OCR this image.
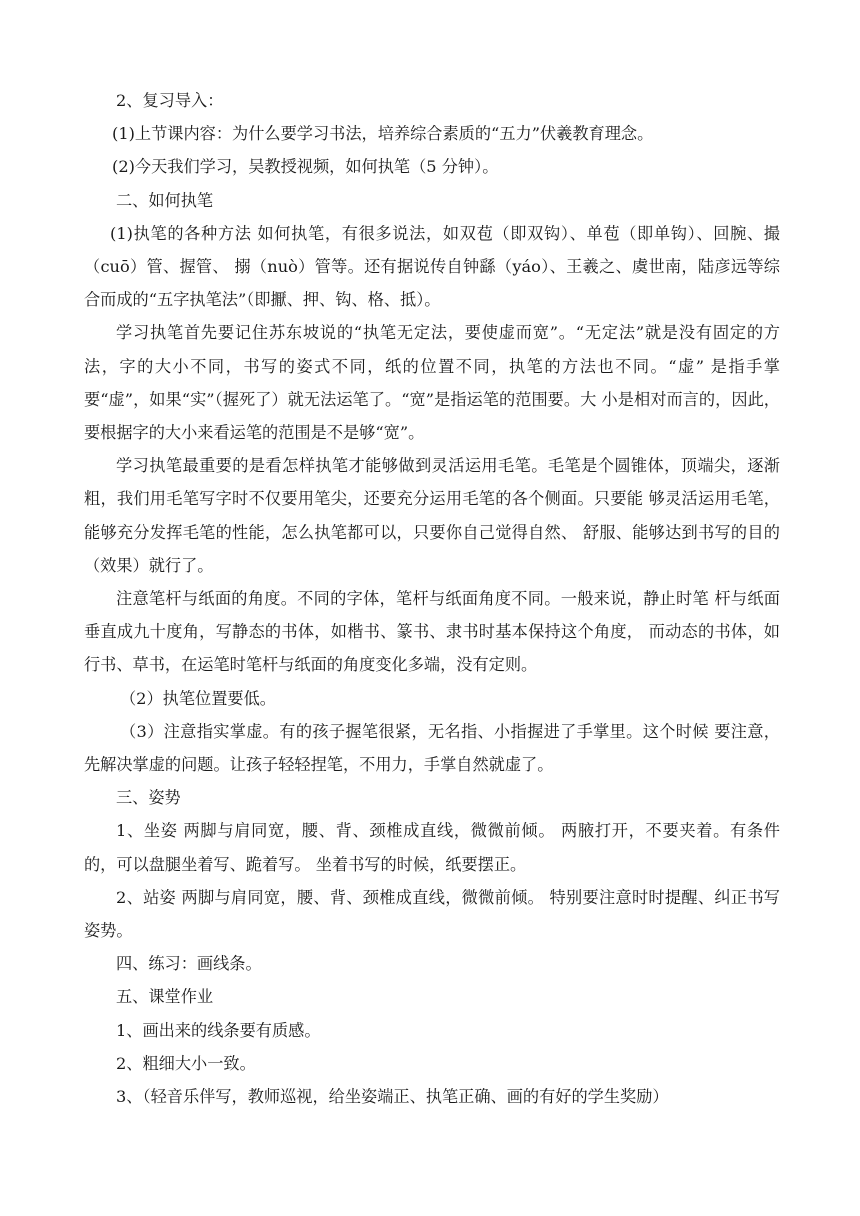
2、复习导入：

(1)上节课内容：为什么要学习书法，培养综合素质的“五力”伏羲教育理念。

(2)今天我们学习，吴教授视频，如何执笔（5 分钟）。

二、如何执笔

(1)执笔的各种方法 如何执笔，有很多说法，如双苞（即双钩）、单苞（即单钩）、回腕、撮（cuō）管、握管、 搦（nuò）管等。还有据说传自钟繇（yáo）、王羲之、虞世南，陆彦远等综合而成的“五字执笔法”（即擫、押、钩、格、抵）。

学习执笔首先要记住苏东坡说的“执笔无定法，要使虚而宽”。“无定法”就是没有固定的方法，字的大小不同，书写的姿式不同，纸的位置不同，执笔的方法也不同。“虚” 是指手掌要“虚”，如果“实”（握死了）就无法运笔了。“宽”是指运笔的范围要。大 小是相对而言的，因此，要根据字的大小来看运笔的范围是不是够“宽”。

学习执笔最重要的是看怎样执笔才能够做到灵活运用毛笔。毛笔是个圆锥体，顶端尖，逐渐粗，我们用毛笔写字时不仅要用笔尖，还要充分运用毛笔的各个侧面。只要能 够灵活运用毛笔，能够充分发挥毛笔的性能，怎么执笔都可以，只要你自己觉得自然、 舒服、能够达到书写的目的（效果）就行了。

注意笔杆与纸面的角度。不同的字体，笔杆与纸面角度不同。一般来说，静止时笔 杆与纸面垂直成九十度角，写静态的书体，如楷书、篆书、隶书时基本保持这个角度， 而动态的书体，如行书、草书，在运笔时笔杆与纸面的角度变化多端，没有定则。

（2）执笔位置要低。

（3）注意指实掌虚。有的孩子握笔很紧，无名指、小指握进了手掌里。这个时候 要注意，先解决掌虚的问题。让孩子轻轻捏笔，不用力，手掌自然就虚了。

三、姿势

1、坐姿 两脚与肩同宽，腰、背、颈椎成直线，微微前倾。 两腋打开，不要夹着。有条件的，可以盘腿坐着写、跪着写。 坐着书写的时候，纸要摆正。

2、站姿 两脚与肩同宽，腰、背、颈椎成直线，微微前倾。 特别要注意时时提醒、纠正书写姿势。

四、练习：画线条。

五、课堂作业

1、画出来的线条要有质感。

2、粗细大小一致。

3、（轻音乐伴写，教师巡视，给坐姿端正、执笔正确、画的有好的学生奖励）
